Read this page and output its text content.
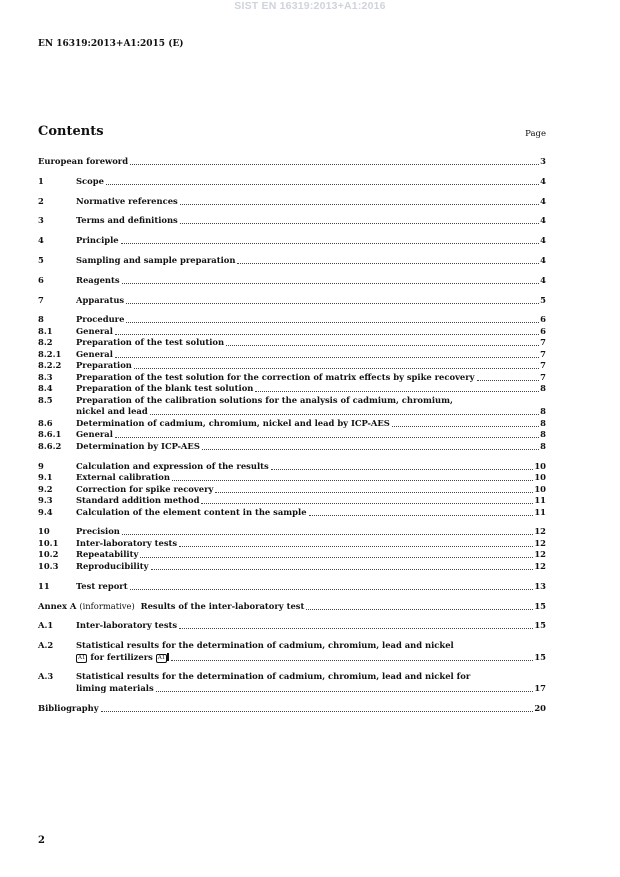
SIST EN 16319:2013+A1:2016
EN 16319:2013+A1:2015 (E)
Contents	Page
European foreword	3
1	Scope	4
2	Normative references	4
3	Terms and definitions	4
4	Principle	4
5	Sampling and sample preparation	4
6	Reagents	4
7	Apparatus	5
8	Procedure	6
8.1	General	6
8.2	Preparation of the test solution	7
8.2.1	General	7
8.2.2	Preparation	7
8.3	Preparation of the test solution for the correction of matrix effects by spike recovery	7
8.4	Preparation of the blank test solution	8
8.5	Preparation of the calibration solutions for the analysis of cadmium, chromium,
nickel and lead	8
8.6	Determination of cadmium, chromium, nickel and lead by ICP-AES	8
8.6.1	General	8
8.6.2	Determination by ICP-AES	8
9	Calculation and expression of the results	10
9.1	External calibration	10
9.2	Correction for spike recovery	10
9.3	Standard addition method	11
9.4	Calculation of the element content in the sample	11
10	Precision	12
10.1	Inter-laboratory tests	12
10.2	Repeatability	12
10.3	Reproducibility	12
11	Test report	13
Annex A (informative) Results of the inter-laboratory test	15
A.1	Inter-laboratory tests	15
A.2	Statistical results for the determination of cadmium, chromium, lead and nickel
A1 for fertilizers A1	15
A.3	Statistical results for the determination of cadmium, chromium, lead and nickel for
liming materials	17
Bibliography	20
2
